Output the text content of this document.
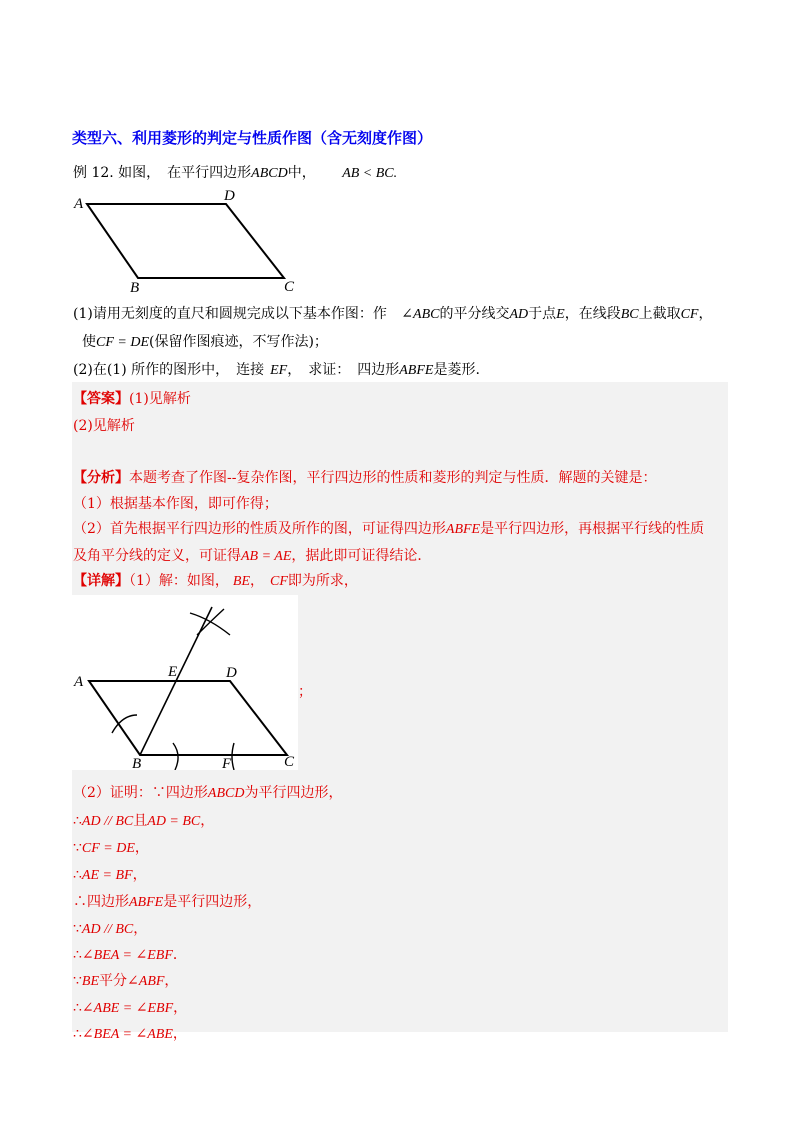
类型六、利用菱形的判定与性质作图（含无刻度作图）
例 12. 如图，　在平行四边形ABCD中， AB < BC.
A	D
B	C
(1)请用无刻度的直尺和圆规完成以下基本作图：作 ∠ABC的平分线交AD于点E，在线段BC上截取CF，
使CF = DE(保留作图痕迹，不写作法)；
(2)在(1) 所作的图形中，　连接 EF，　求证：　四边形ABFE是菱形.
【答案】(1)见解析
(2)见解析
【分析】本题考查了作图--复杂作图，平行四边形的性质和菱形的判定与性质．解题的关键是：
（1）根据基本作图，即可作得；
（2）首先根据平行四边形的性质及所作的图，可证得四边形ABFE是平行四边形，再根据平行线的性质
及角平分线的定义，可证得AB = AE，据此即可证得结论．
【详解】（1）解：如图， BE， CF即为所求，
A
E	D
B	F	C
；
（2）证明：∵四边形ABCD为平行四边形，
∴AD // BC且AD = BC，
∵CF = DE，
∴AE = BF，
∴四边形ABFE是平行四边形，
∵AD // BC，
∴∠BEA = ∠EBF．
∵BE平分∠ABF，
∴∠ABE = ∠EBF，
∴∠BEA = ∠ABE，
